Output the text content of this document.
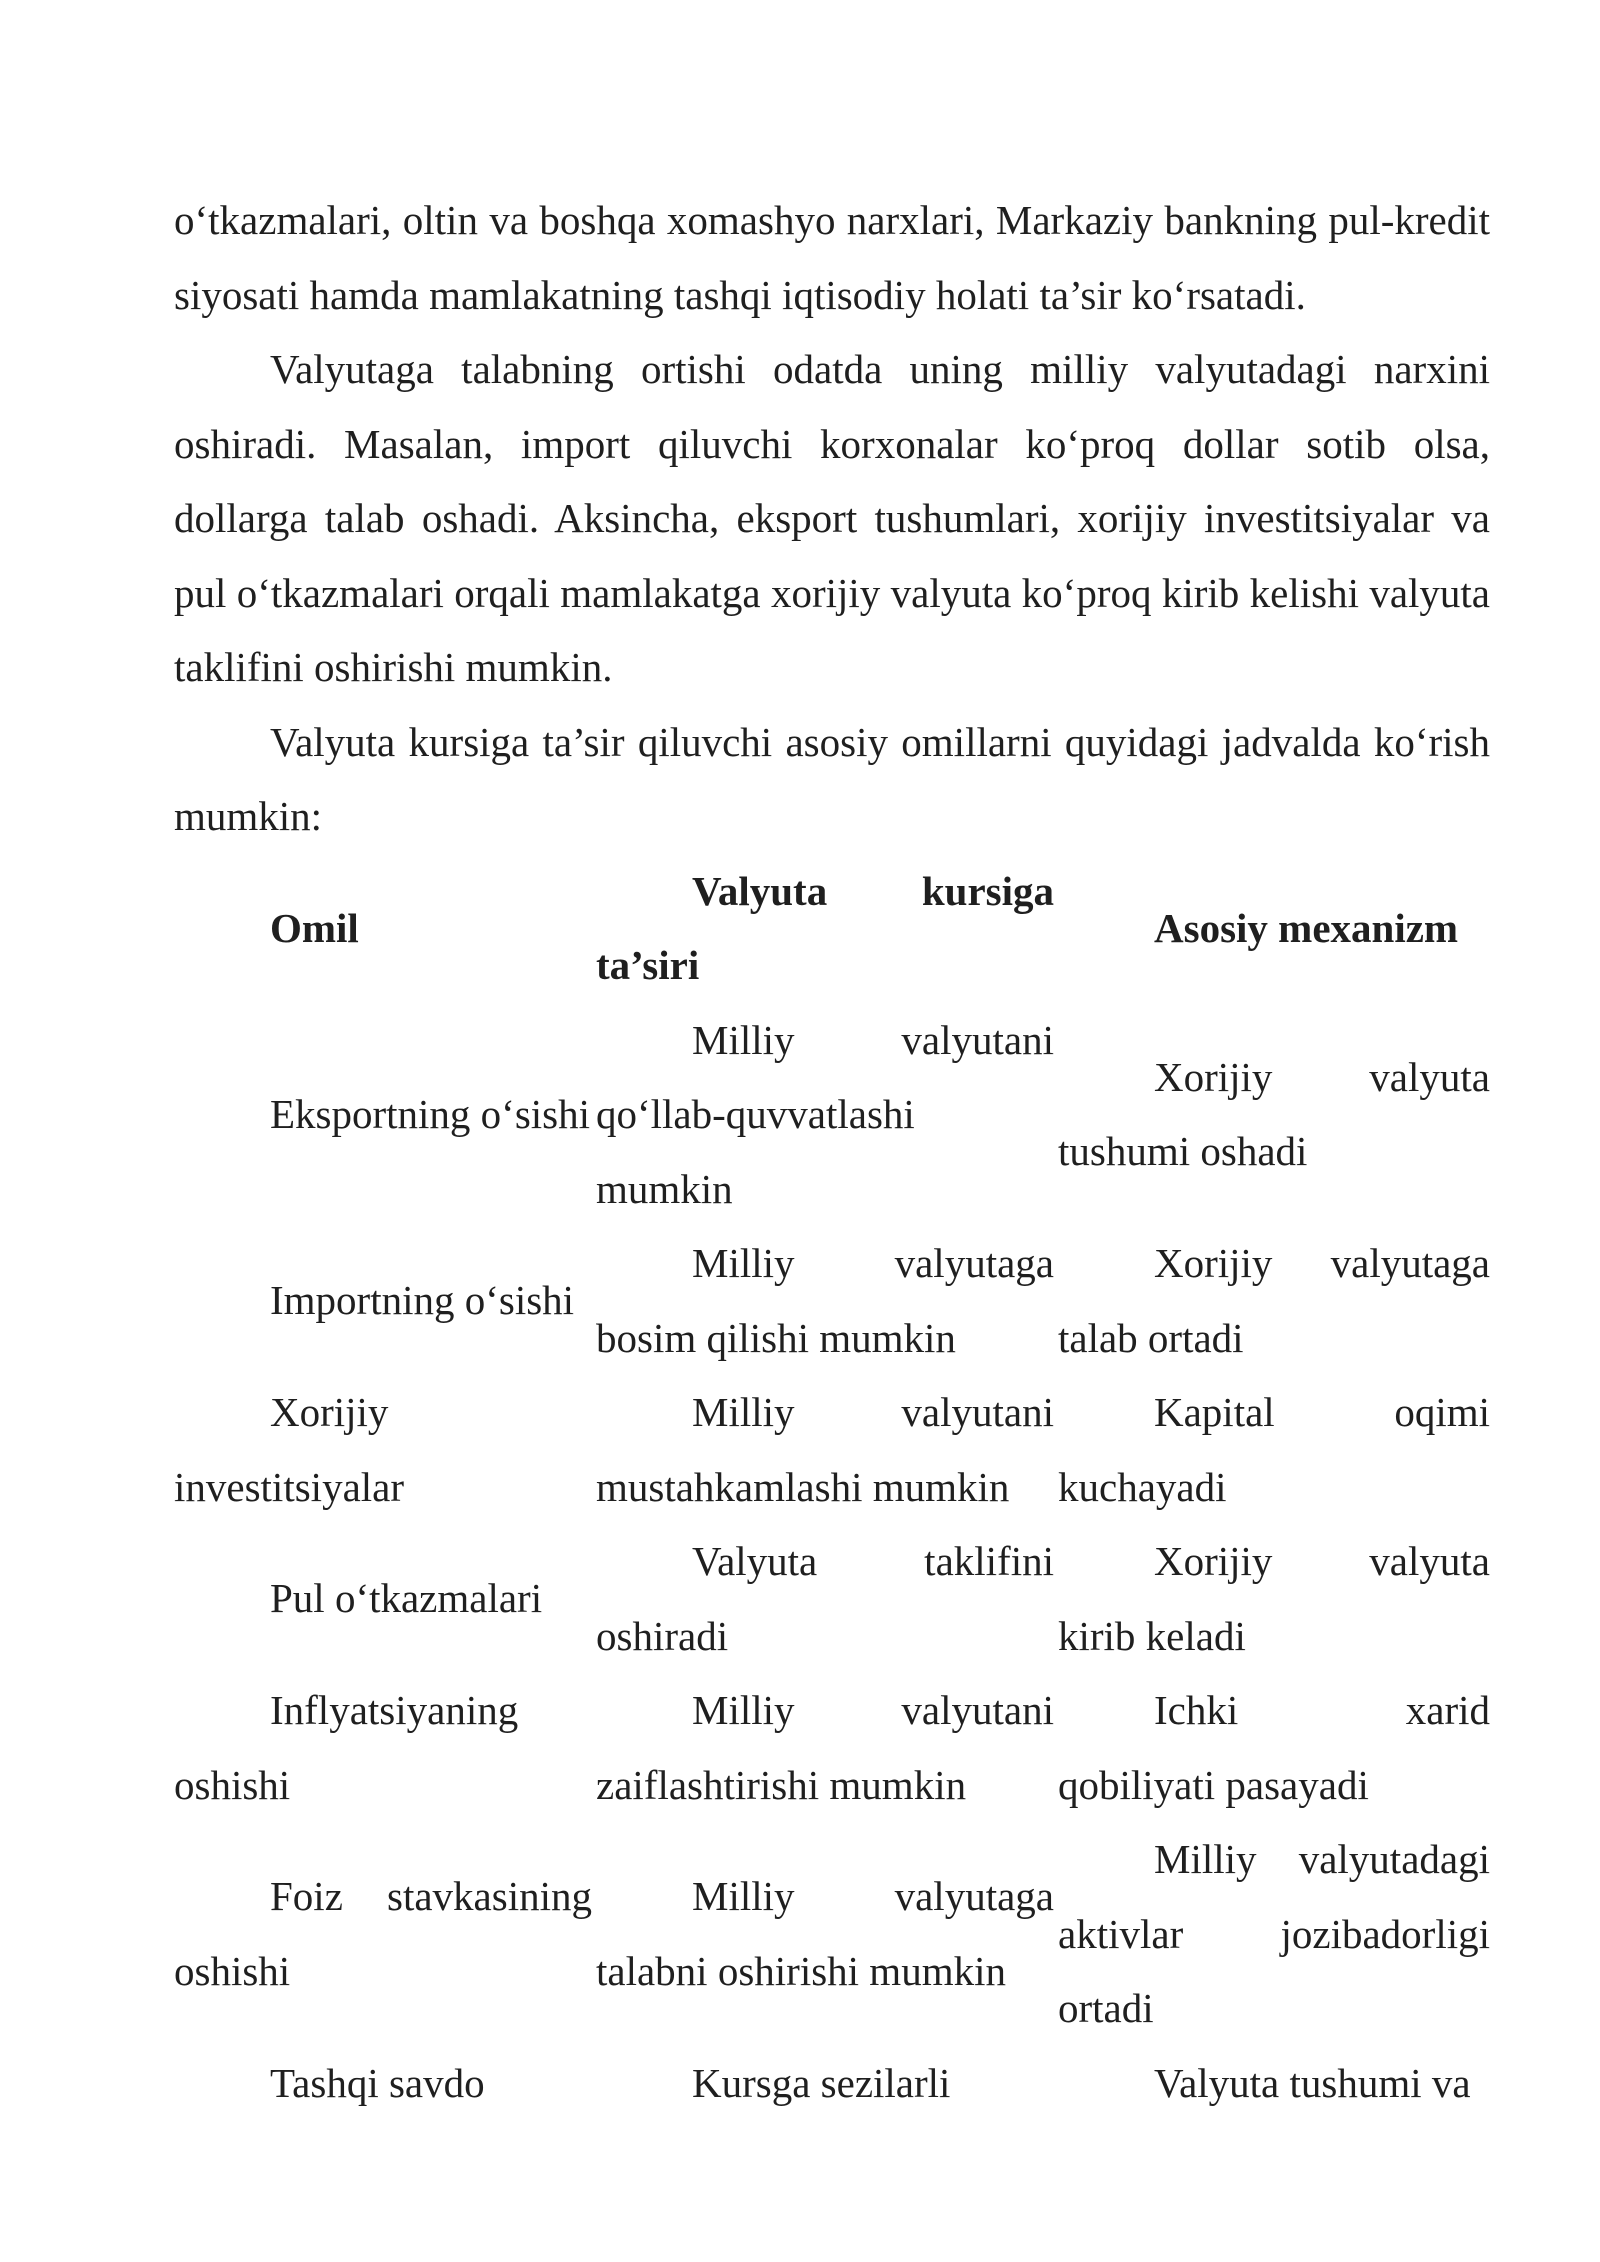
o‘tkazmalari, oltin va boshqa xomashyo narxlari, Markaziy bankning pul-kredit siyosati hamda mamlakatning tashqi iqtisodiy holati ta’sir ko‘rsatadi.

Valyutaga talabning ortishi odatda uning milliy valyutadagi narxini oshiradi. Masalan, import qiluvchi korxonalar ko‘proq dollar sotib olsa, dollarga talab oshadi. Aksincha, eksport tushumlari, xorijiy investitsiyalar va pul o‘tkazmalari orqali mamlakatga xorijiy valyuta ko‘proq kirib kelishi valyuta taklifini oshirishi mumkin.

Valyuta kursiga ta’sir qiluvchi asosiy omillarni quyidagi jadvalda ko‘rish mumkin:

Omil	Valyuta kursiga ta’siri	Asosiy mexanizm
Eksportning o‘sishi	Milliy valyutani qo‘llab-quvvatlashi mumkin	Xorijiy valyuta tushumi oshadi
Importning o‘sishi	Milliy valyutaga bosim qilishi mumkin	Xorijiy valyutaga talab ortadi
Xorijiy investitsiyalar	Milliy valyutani mustahkamlashi mumkin	Kapital oqimi kuchayadi
Pul o‘tkazmalari	Valyuta taklifini oshiradi	Xorijiy valyuta kirib keladi
Inflyatsiyaning oshishi	Milliy valyutani zaiflashtirishi mumkin	Ichki xarid qobiliyati pasayadi
Foiz stavkasining oshishi	Milliy valyutaga talabni oshirishi mumkin	Milliy valyutadagi aktivlar jozibadorligi ortadi
Tashqi savdo	Kursga sezilarli	Valyuta tushumi va
